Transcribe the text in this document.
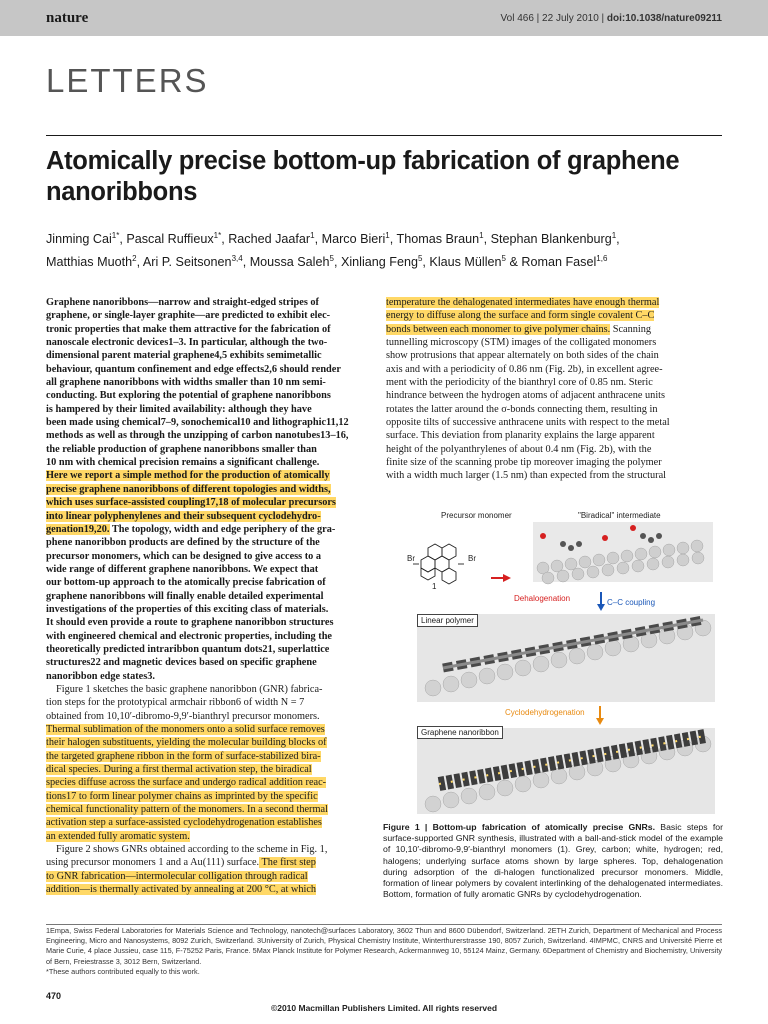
nature	Vol 466 | 22 July 2010 | doi:10.1038/nature09211
LETTERS
Atomically precise bottom-up fabrication of graphene nanoribbons
Jinming Cai$^{1*}$, Pascal Ruffieux$^{1*}$, Rached Jaafar$^1$, Marco Bieri$^1$, Thomas Braun$^1$, Stephan Blankenburg$^1$,
Matthias Muoth$^2$, Ari P. Seitsonen$^{3,4}$, Moussa Saleh$^5$, Xinliang Feng$^5$, Klaus Müllen$^5$ & Roman Fasel$^{1,6}$

Graphene nanoribbons—narrow and straight-edged stripes of
graphene, or single-layer graphite—are predicted to exhibit elec-
tronic properties that make them attractive for the fabrication of
nanoscale electronic devices1–3. In particular, although the two-
dimensional parent material graphene4,5 exhibits semimetallic
behaviour, quantum confinement and edge effects2,6 should render
all graphene nanoribbons with widths smaller than 10 nm semi-
conducting. But exploring the potential of graphene nanoribbons
is hampered by their limited availability: although they have
been made using chemical7–9, sonochemical10 and lithographic11,12
methods as well as through the unzipping of carbon nanotubes13–16,
the reliable production of graphene nanoribbons smaller than
10 nm with chemical precision remains a significant challenge.
Here we report a simple method for the production of atomically
precise graphene nanoribbons of different topologies and widths,
which uses surface-assisted coupling17,18 of molecular precursors
into linear polyphenylenes and their subsequent cyclodehydro-
genation19,20. The topology, width and edge periphery of the gra-
phene nanoribbon products are defined by the structure of the
precursor monomers, which can be designed to give access to a
wide range of different graphene nanoribbons. We expect that
our bottom-up approach to the atomically precise fabrication of
graphene nanoribbons will finally enable detailed experimental
investigations of the properties of this exciting class of materials.
It should even provide a route to graphene nanoribbon structures
with engineered chemical and electronic properties, including the
theoretically predicted intraribbon quantum dots21, superlattice
structures22 and magnetic devices based on specific graphene
nanoribbon edge states3.

Figure 1 sketches the basic graphene nanoribbon (GNR) fabrica-
tion steps for the prototypical armchair ribbon6 of width N = 7
obtained from 10,10′-dibromo-9,9′-bianthryl precursor monomers.
Thermal sublimation of the monomers onto a solid surface removes
their halogen substituents, yielding the molecular building blocks of
the targeted graphene ribbon in the form of surface-stabilized bira-
dical species. During a first thermal activation step, the biradical
species diffuse across the surface and undergo radical addition reac-
tions17 to form linear polymer chains as imprinted by the specific
chemical functionality pattern of the monomers. In a second thermal
activation step a surface-assisted cyclodehydrogenation establishes
an extended fully aromatic system.

Figure 2 shows GNRs obtained according to the scheme in Fig. 1,
using precursor monomers 1 and a Au(111) surface. The first step
to GNR fabrication—intermolecular colligation through radical
addition—is thermally activated by annealing at 200 °C, at which

temperature the dehalogenated intermediates have enough thermal
energy to diffuse along the surface and form single covalent C–C
bonds between each monomer to give polymer chains. Scanning
tunnelling microscopy (STM) images of the colligated monomers
show protrusions that appear alternately on both sides of the chain
axis and with a periodicity of 0.86 nm (Fig. 2b), in excellent agree-
ment with the periodicity of the bianthryl core of 0.85 nm. Steric
hindrance between the hydrogen atoms of adjacent anthracene units
rotates the latter around the σ-bonds connecting them, resulting in
opposite tilts of successive anthracene units with respect to the metal
surface. This deviation from planarity explains the large apparent
height of the polyanthrylenes of about 0.4 nm (Fig. 2b), with the
finite size of the scanning probe tip moreover imaging the polymer
with a width much larger (1.5 nm) than expected from the structural

Precursor monomer	"Biradical" intermediate
Br	Br
1
Dehalogenation	C–C coupling
Linear polymer
Cyclodehydrogenation
Graphene nanoribbon
Figure 1 | Bottom-up fabrication of atomically precise GNRs. Basic steps for surface-supported GNR synthesis, illustrated with a ball-and-stick model of the example of 10,10′-dibromo-9,9′-bianthryl monomers (1). Grey, carbon; white, hydrogen; red, halogens; underlying surface atoms shown by large spheres. Top, dehalogenation during adsorption of the di-halogen functionalized precursor monomers. Middle, formation of linear polymers by covalent interlinking of the dehalogenated intermediates. Bottom, formation of fully aromatic GNRs by cyclodehydrogenation.
1Empa, Swiss Federal Laboratories for Materials Science and Technology, nanotech@surfaces Laboratory, 3602 Thun and 8600 Dübendorf, Switzerland. 2ETH Zurich, Department of Mechanical and Process Engineering, Micro and Nanosystems, 8092 Zurich, Switzerland. 3University of Zurich, Physical Chemistry Institute, Winterthurerstrasse 190, 8057 Zurich, Switzerland. 4IMPMC, CNRS and Université Pierre et Marie Curie, 4 place Jussieu, case 115, F-75252 Paris, France. 5Max Planck Institute for Polymer Research, Ackermannweg 10, 55124 Mainz, Germany. 6Department of Chemistry and Biochemistry, University of Bern, Freiestrasse 3, 3012 Bern, Switzerland.
*These authors contributed equally to this work.
470
©2010 Macmillan Publishers Limited. All rights reserved
